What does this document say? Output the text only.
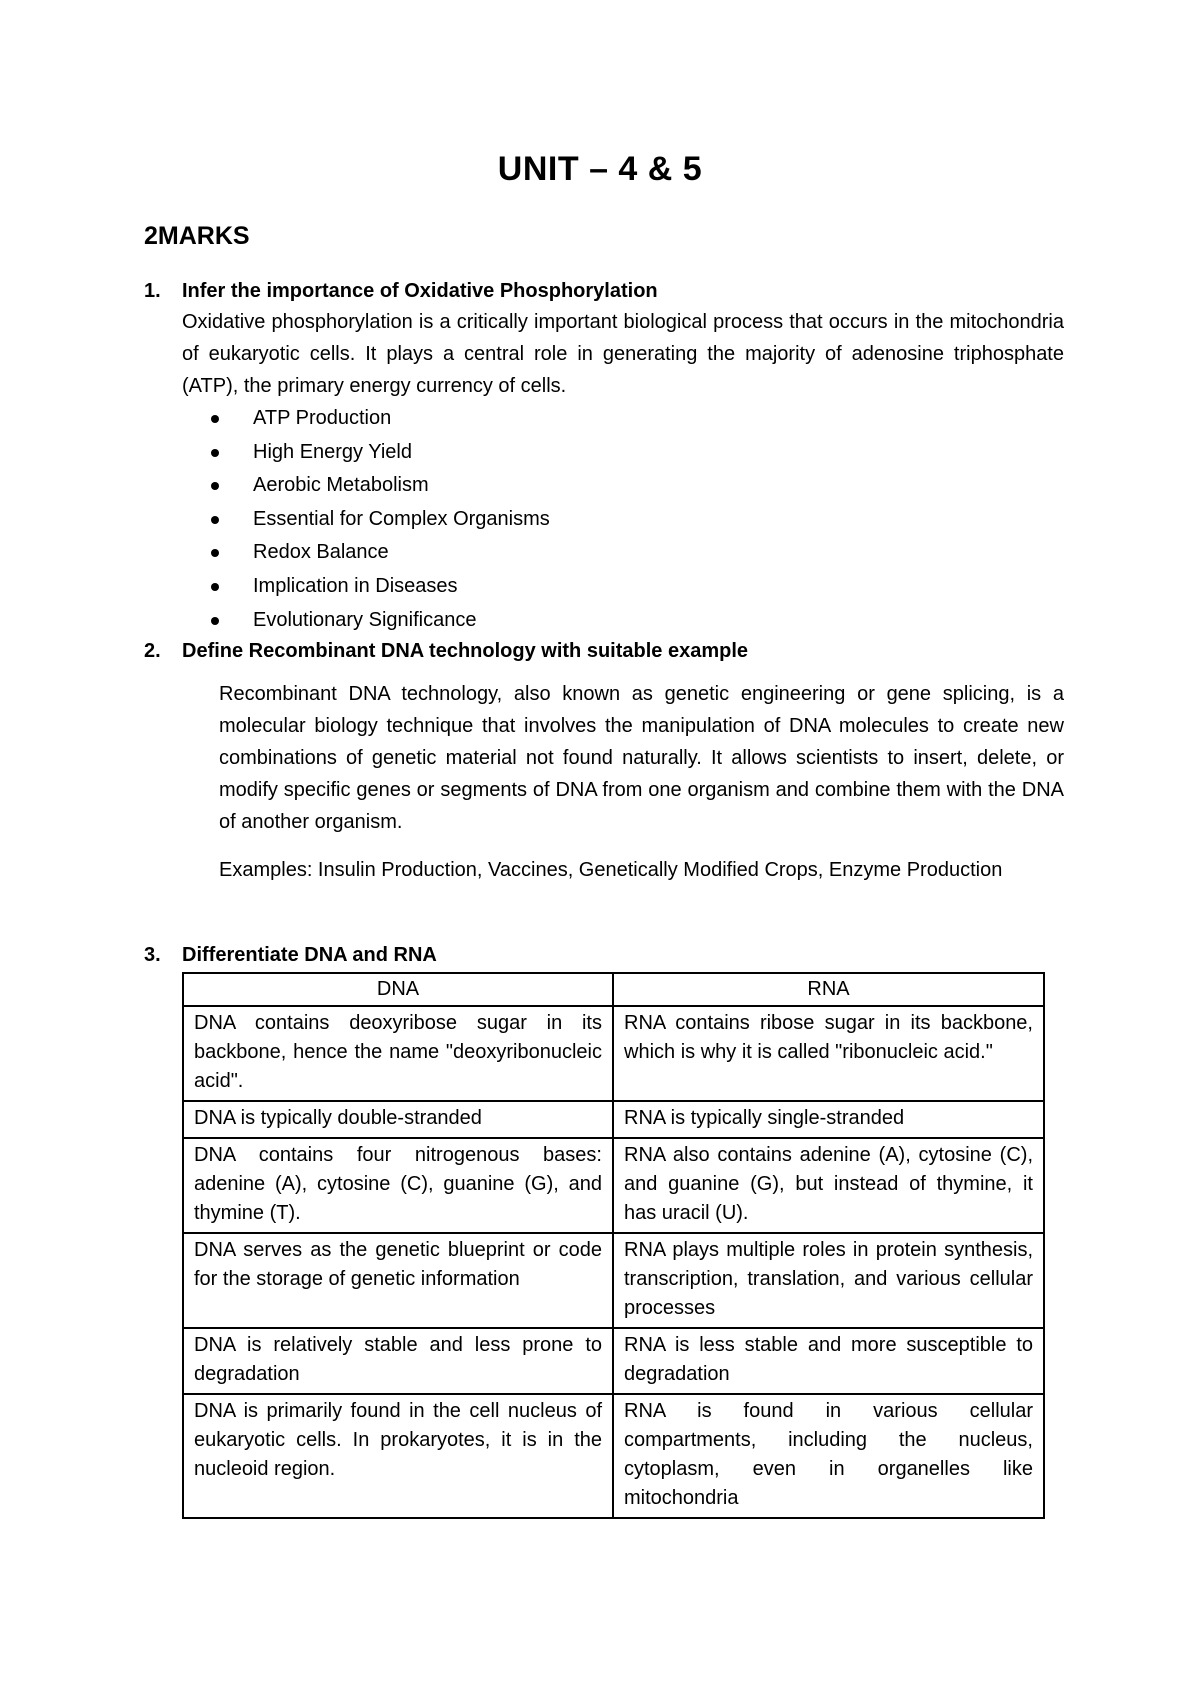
UNIT – 4 & 5
2MARKS
1.	Infer the importance of Oxidative Phosphorylation
Oxidative phosphorylation is a critically important biological process that occurs in the mitochondria of eukaryotic cells. It plays a central role in generating the majority of adenosine triphosphate (ATP), the primary energy currency of cells.
ATP Production
High Energy Yield
Aerobic Metabolism
Essential for Complex Organisms
Redox Balance
Implication in Diseases
Evolutionary Significance
2.	Define Recombinant DNA technology with suitable example

Recombinant DNA technology, also known as genetic engineering or gene splicing, is a molecular biology technique that involves the manipulation of DNA molecules to create new combinations of genetic material not found naturally. It allows scientists to insert, delete, or modify specific genes or segments of DNA from one organism and combine them with the DNA of another organism.

Examples: Insulin Production, Vaccines, Genetically Modified Crops, Enzyme Production

3.	Differentiate DNA and RNA
DNA	RNA
DNA contains deoxyribose sugar in its backbone, hence the name "deoxyribonucleic acid".	RNA contains ribose sugar in its backbone, which is why it is called "ribonucleic acid."
DNA is typically double-stranded	RNA is typically single-stranded
DNA contains four nitrogenous bases: adenine (A), cytosine (C), guanine (G), and thymine (T).	RNA also contains adenine (A), cytosine (C), and guanine (G), but instead of thymine, it has uracil (U).
DNA serves as the genetic blueprint or code for the storage of genetic information	RNA plays multiple roles in protein synthesis, transcription, translation, and various cellular processes
DNA is relatively stable and less prone to degradation	RNA is less stable and more susceptible to degradation
DNA is primarily found in the cell nucleus of eukaryotic cells. In prokaryotes, it is in the nucleoid region.	RNA is found in various cellular compartments, including the nucleus, cytoplasm, even in organelles like mitochondria
